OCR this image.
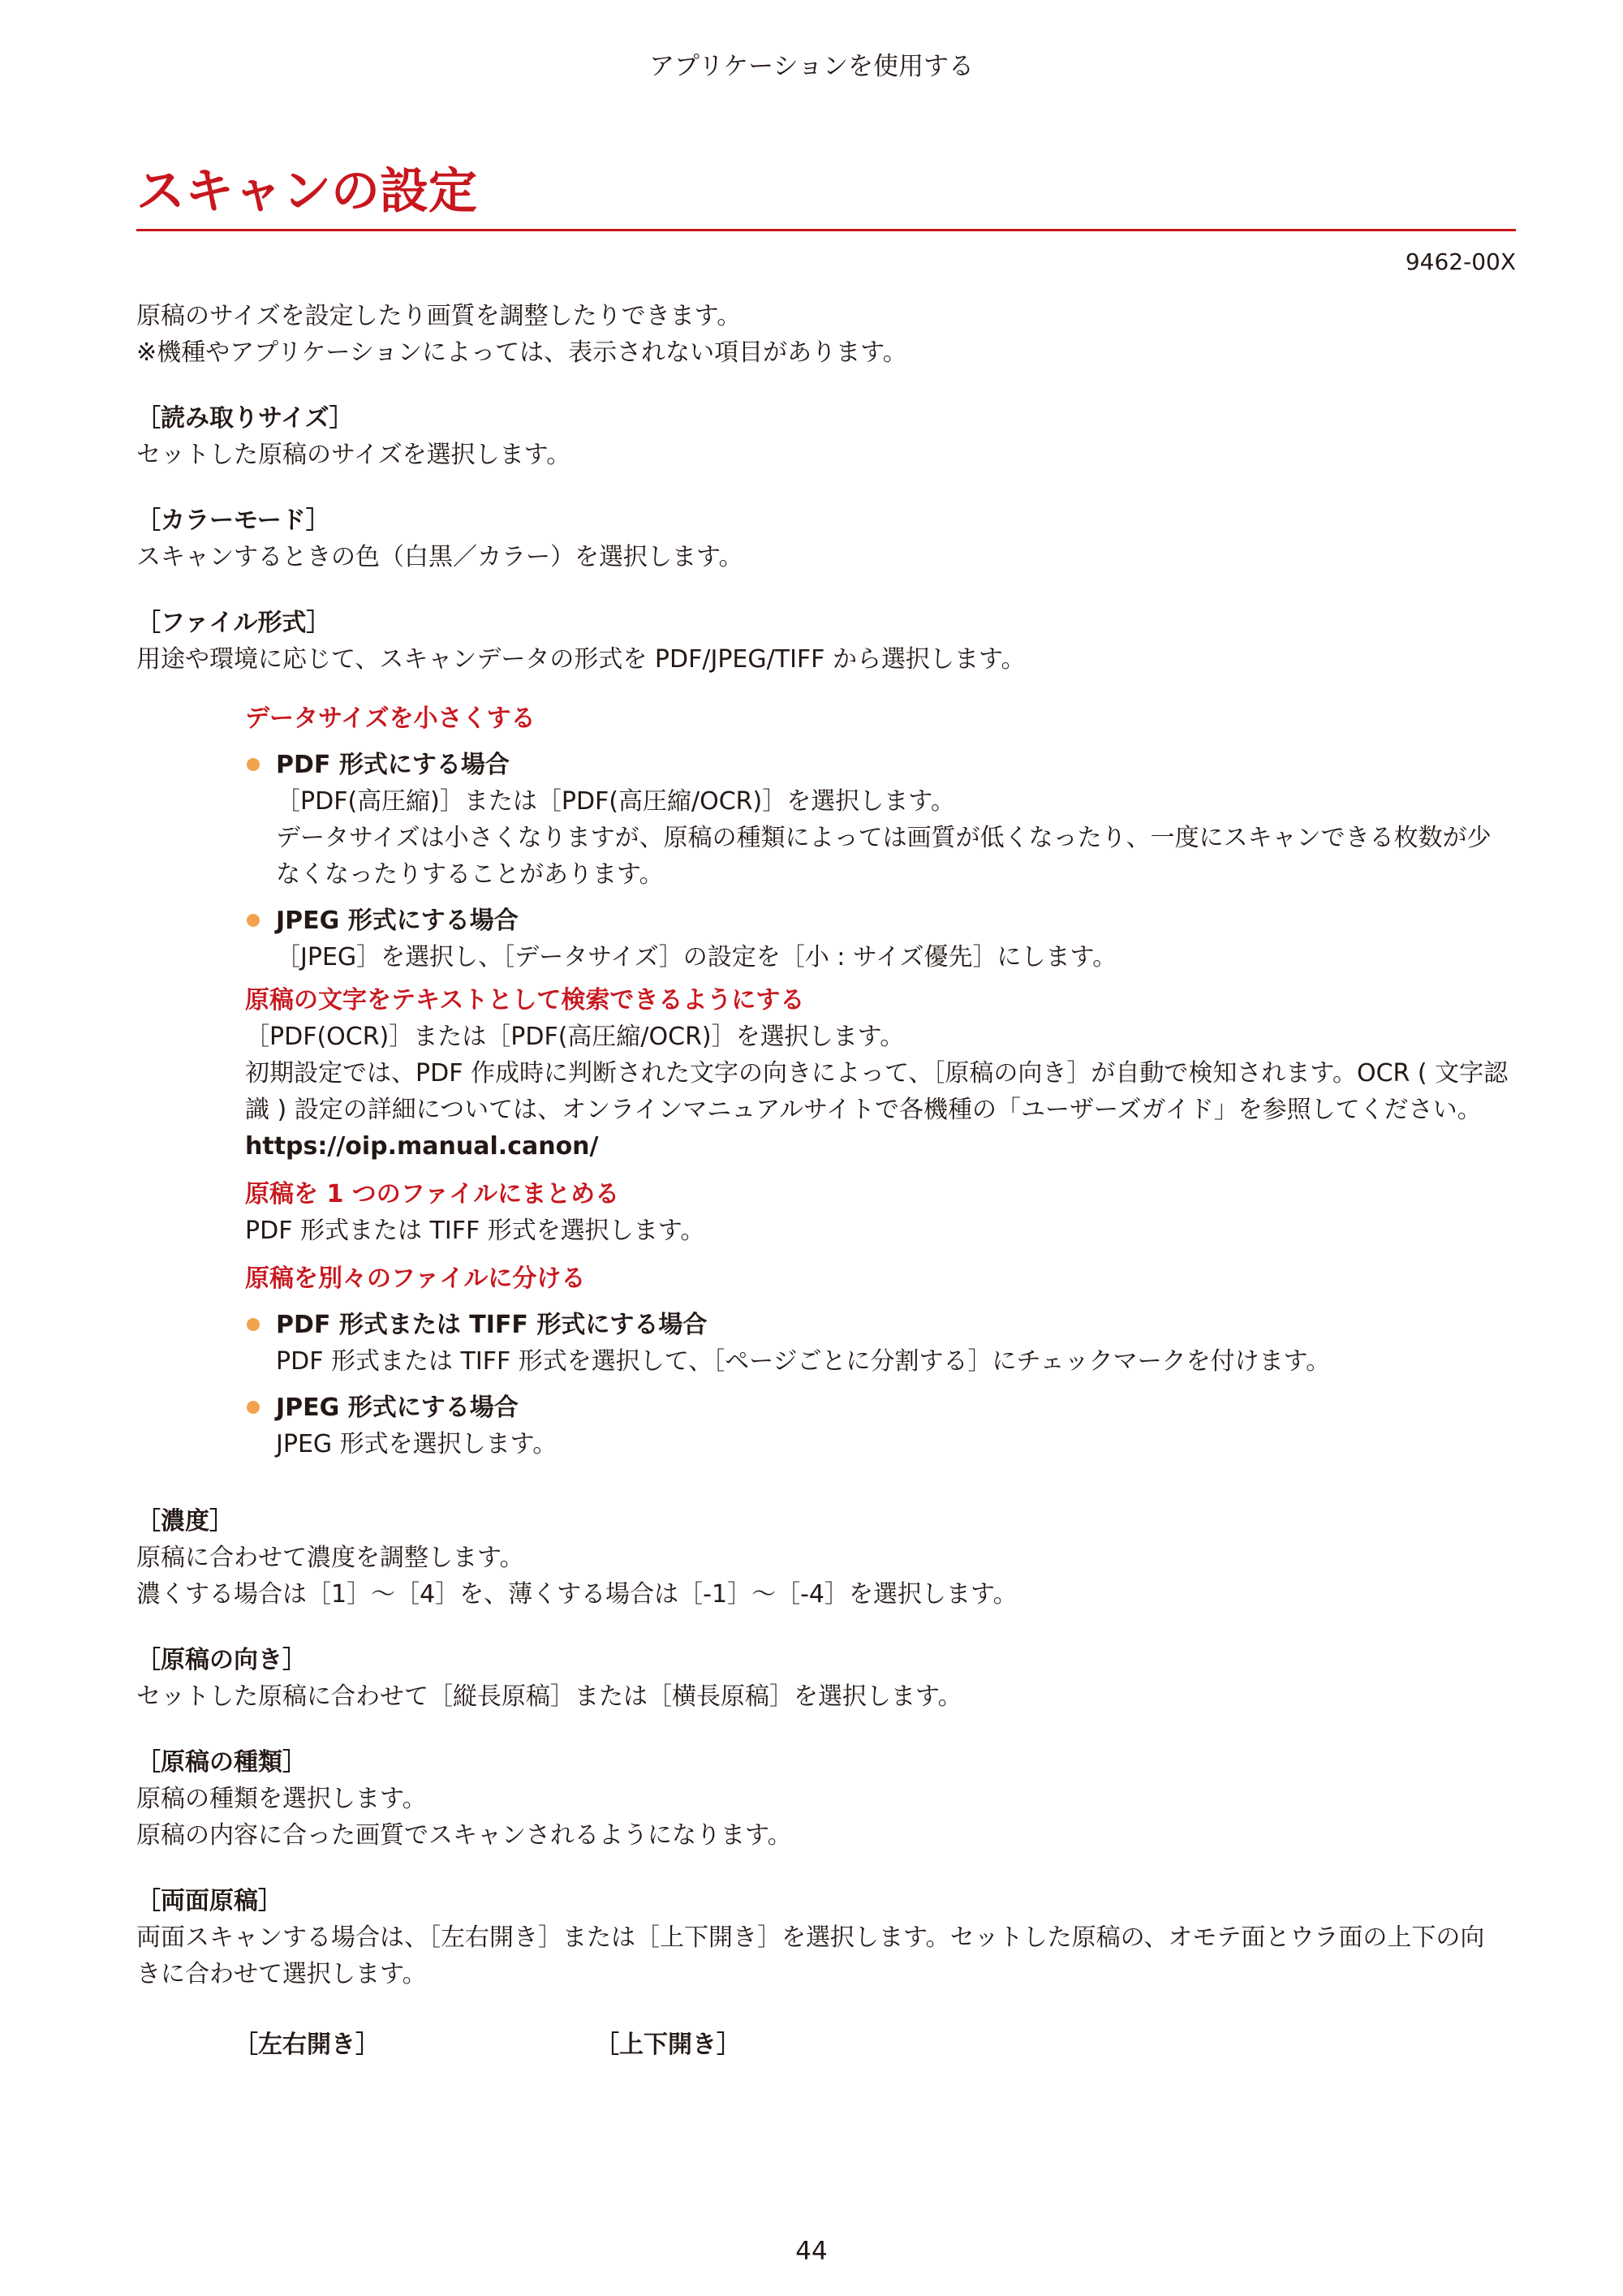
アプリケーションを使用する
スキャンの設定
9462-00X

原稿のサイズを設定したり画質を調整したりできます。

※機種やアプリケーションによっては、表示されない項目があります。

［読み取りサイズ］

セットした原稿のサイズを選択します。

［カラーモード］

スキャンするときの色（白黒／カラー）を選択します。

［ファイル形式］

用途や環境に応じて、スキャンデータの形式を PDF/JPEG/TIFF から選択します。

データサイズを小さくする

PDF 形式にする場合

［PDF(高圧縮)］または［PDF(高圧縮/OCR)］を選択します。

データサイズは小さくなりますが、原稿の種類によっては画質が低くなったり、一度にスキャンできる枚数が少

なくなったりすることがあります。

JPEG 形式にする場合

［JPEG］を選択し、［データサイズ］の設定を［小 : サイズ優先］にします。

原稿の文字をテキストとして検索できるようにする

［PDF(OCR)］または［PDF(高圧縮/OCR)］を選択します。

初期設定では、PDF 作成時に判断された文字の向きによって、［原稿の向き］が自動で検知されます。OCR ( 文字認

識 ) 設定の詳細については、オンラインマニュアルサイトで各機種の「ユーザーズガイド」を参照してください。

https://oip.manual.canon/

原稿を 1 つのファイルにまとめる

PDF 形式または TIFF 形式を選択します。

原稿を別々のファイルに分ける

PDF 形式または TIFF 形式にする場合

PDF 形式または TIFF 形式を選択して、［ページごとに分割する］にチェックマークを付けます。

JPEG 形式にする場合

JPEG 形式を選択します。

［濃度］

原稿に合わせて濃度を調整します。

濃くする場合は［1］〜［4］を、薄くする場合は［-1］〜［-4］を選択します。

［原稿の向き］

セットした原稿に合わせて［縦長原稿］または［横長原稿］を選択します。

［原稿の種類］

原稿の種類を選択します。

原稿の内容に合った画質でスキャンされるようになります。

［両面原稿］

両面スキャンする場合は、［左右開き］または［上下開き］を選択します。セットした原稿の、オモテ面とウラ面の上下の向

きに合わせて選択します。

［左右開き］	［上下開き］
44
